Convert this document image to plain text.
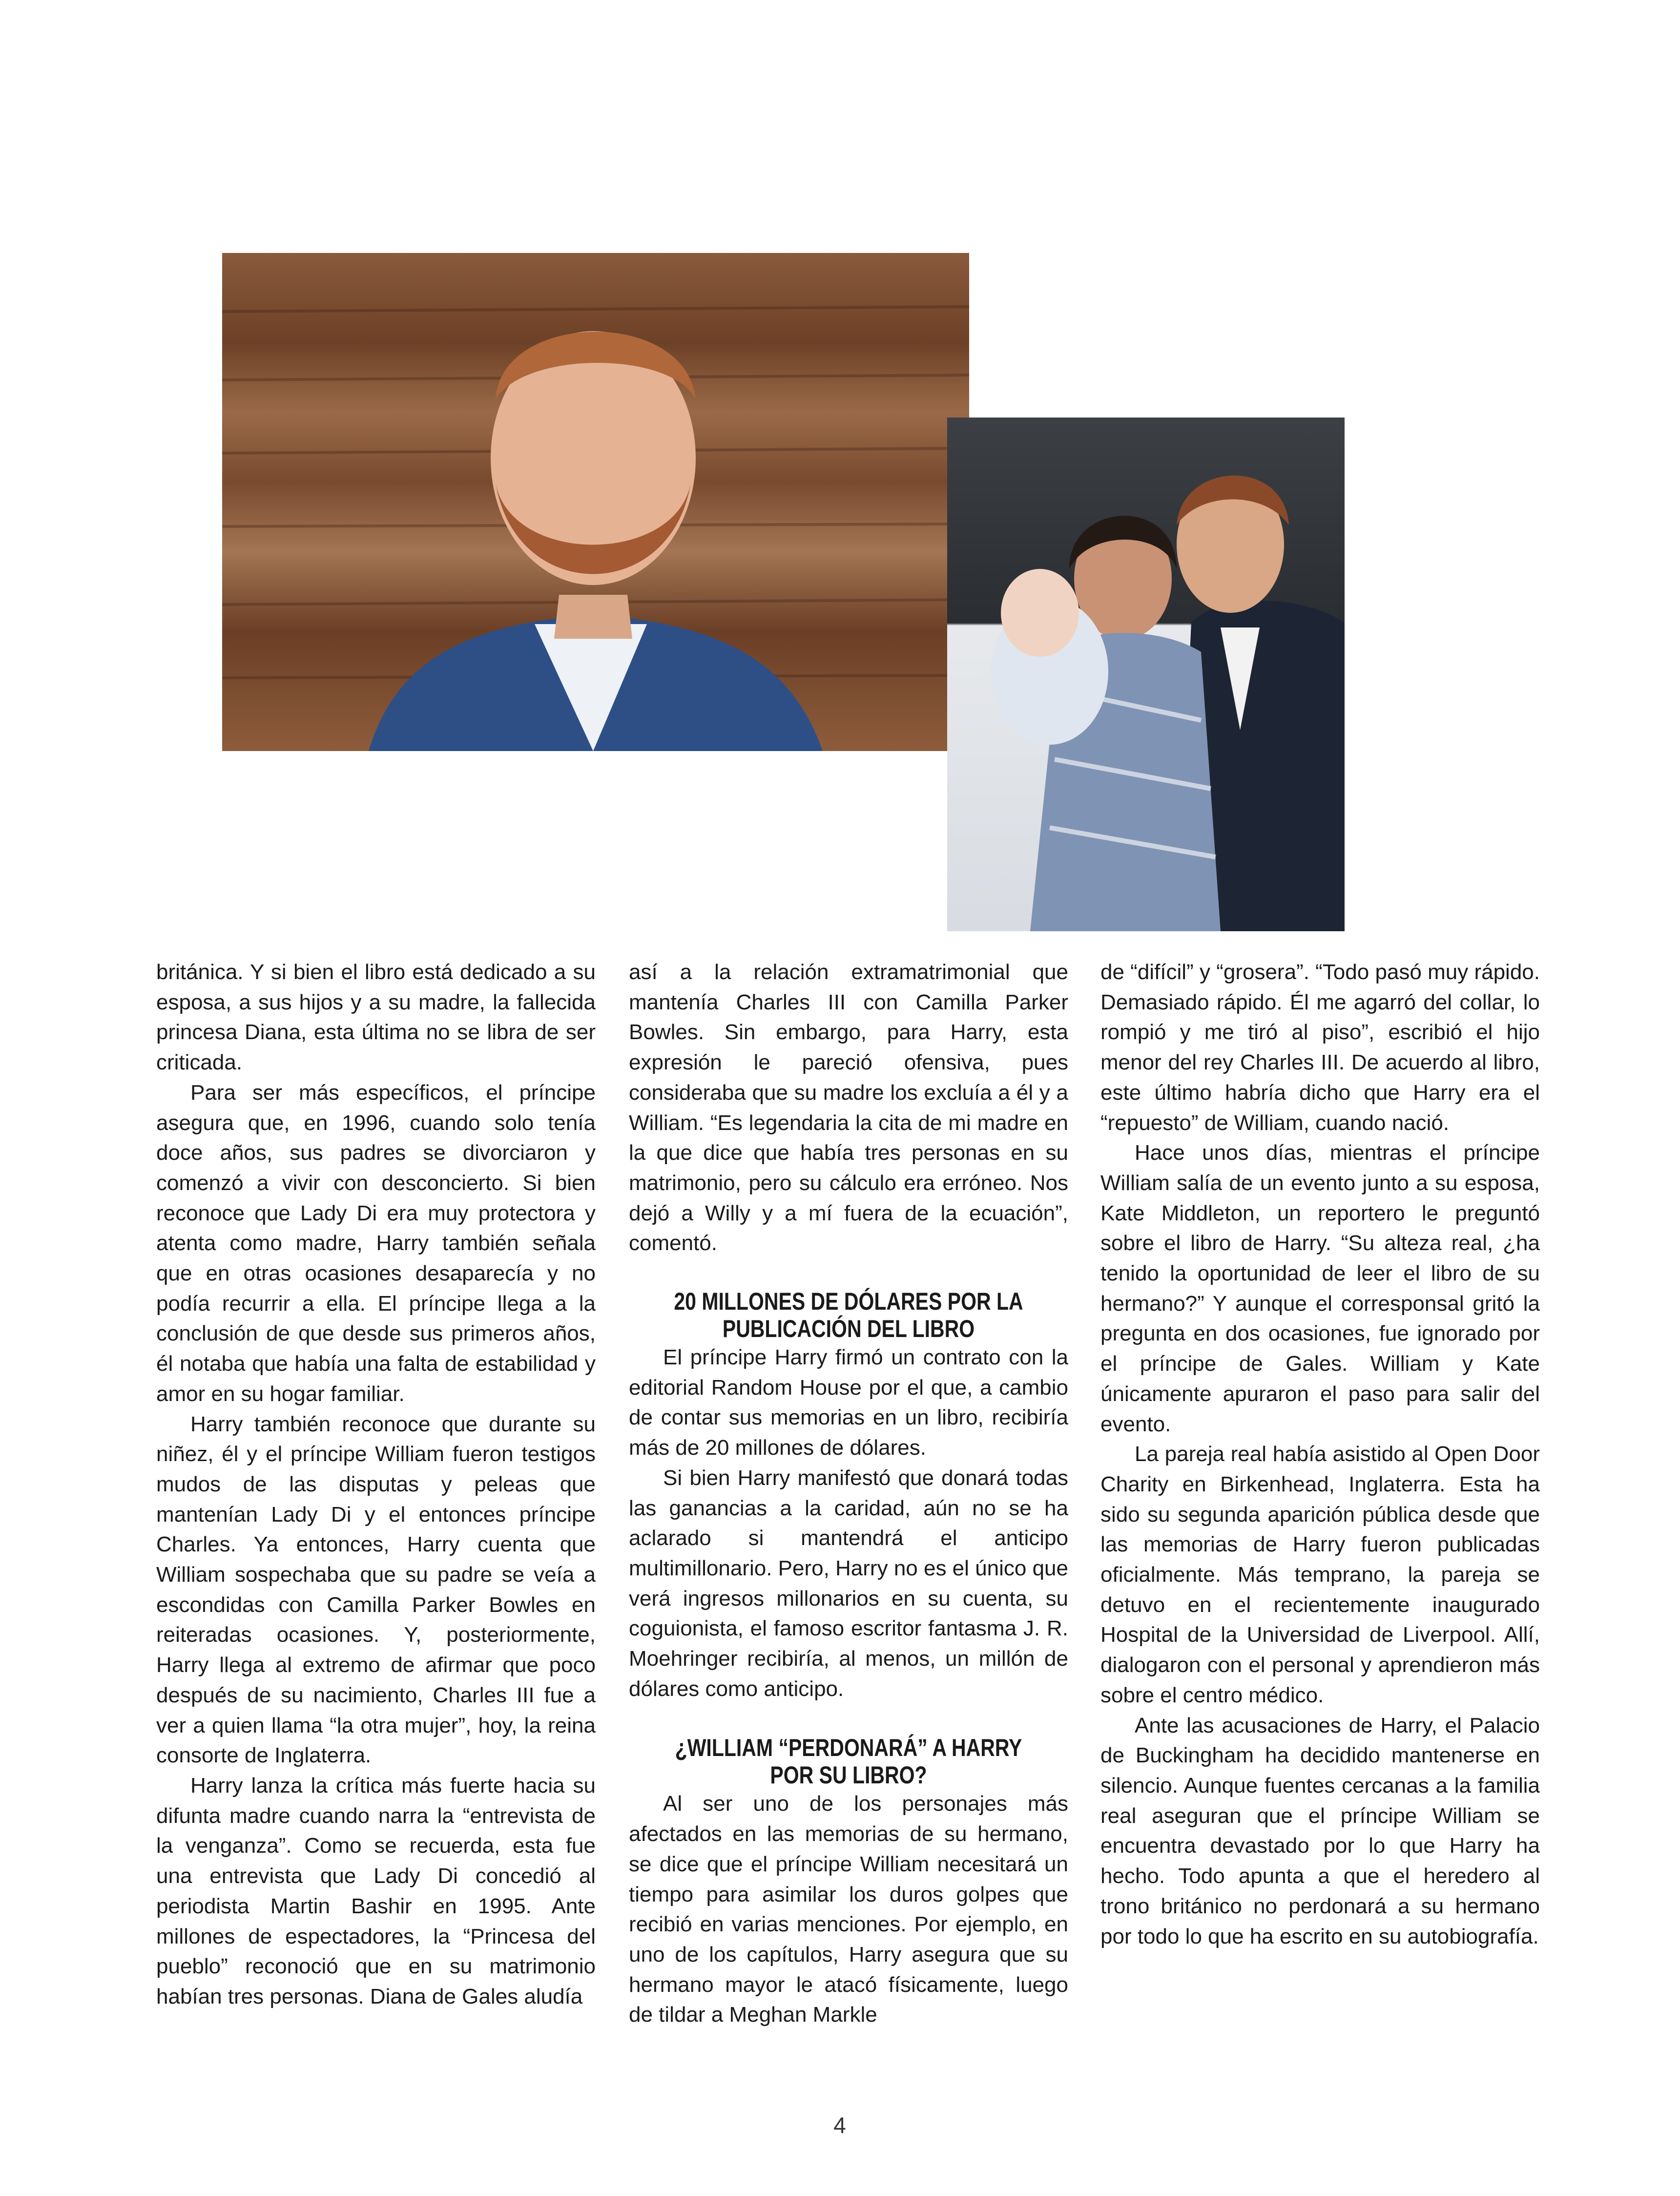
británica. Y si bien el libro está dedicado a su esposa, a sus hijos y a su madre, la fallecida princesa Diana, esta última no se libra de ser criticada.

Para ser más específicos, el príncipe asegura que, en 1996, cuando solo tenía doce años, sus padres se divorciaron y comenzó a vivir con desconcierto. Si bien reconoce que Lady Di era muy protectora y atenta como madre, Harry también señala que en otras ocasiones desaparecía y no podía recurrir a ella. El príncipe llega a la conclusión de que desde sus primeros años, él notaba que había una falta de estabilidad y amor en su hogar familiar.

Harry también reconoce que durante su niñez, él y el príncipe William fueron testigos mudos de las disputas y peleas que mantenían Lady Di y el entonces príncipe Charles. Ya entonces, Harry cuenta que William sospechaba que su padre se veía a escondidas con Camilla Parker Bowles en reiteradas ocasiones. Y, posteriormente, Harry llega al extremo de afirmar que poco después de su nacimiento, Charles III fue a ver a quien llama “la otra mujer”, hoy, la reina consorte de Inglaterra.

Harry lanza la crítica más fuerte hacia su difunta madre cuando narra la “entrevista de la venganza”. Como se recuerda, esta fue una entrevista que Lady Di concedió al periodista Martin Bashir en 1995. Ante millones de espectadores, la “Princesa del pueblo” reconoció que en su matrimonio habían tres personas. Diana de Gales aludía

así a la relación extramatrimonial que mantenía Charles III con Camilla Parker Bowles. Sin embargo, para Harry, esta expresión le pareció ofensiva, pues consideraba que su madre los excluía a él y a William. “Es legendaria la cita de mi madre en la que dice que había tres personas en su matrimonio, pero su cálculo era erróneo. Nos dejó a Willy y a mí fuera de la ecuación”, comentó.

20 MILLONES DE DÓLARES POR LA PUBLICACIÓN DEL LIBRO

El príncipe Harry firmó un contrato con la editorial Random House por el que, a cambio de contar sus memorias en un libro, recibiría más de 20 millones de dólares.

Si bien Harry manifestó que donará todas las ganancias a la caridad, aún no se ha aclarado si mantendrá el anticipo multimillonario. Pero, Harry no es el único que verá ingresos millonarios en su cuenta, su coguionista, el famoso escritor fantasma J. R. Moehringer recibiría, al menos, un millón de dólares como anticipo.

¿WILLIAM “PERDONARÁ” A HARRY POR SU LIBRO?

Al ser uno de los personajes más afectados en las memorias de su hermano, se dice que el príncipe William necesitará un tiempo para asimilar los duros golpes que recibió en varias menciones. Por ejemplo, en uno de los capítulos, Harry asegura que su hermano mayor le atacó físicamente, luego de tildar a Meghan Markle

de “difícil” y “grosera”. “Todo pasó muy rápido. Demasiado rápido. Él me agarró del collar, lo rompió y me tiró al piso”, escribió el hijo menor del rey Charles III. De acuerdo al libro, este último habría dicho que Harry era el “repuesto” de William, cuando nació.

Hace unos días, mientras el príncipe William salía de un evento junto a su esposa, Kate Middleton, un reportero le preguntó sobre el libro de Harry. “Su alteza real, ¿ha tenido la oportunidad de leer el libro de su hermano?” Y aunque el corresponsal gritó la pregunta en dos ocasiones, fue ignorado por el príncipe de Gales. William y Kate únicamente apuraron el paso para salir del evento.

La pareja real había asistido al Open Door Charity en Birkenhead, Inglaterra. Esta ha sido su segunda aparición pública desde que las memorias de Harry fueron publicadas oficialmente. Más temprano, la pareja se detuvo en el recientemente inaugurado Hospital de la Universidad de Liverpool. Allí, dialogaron con el personal y aprendieron más sobre el centro médico.

Ante las acusaciones de Harry, el Palacio de Buckingham ha decidido mantenerse en silencio. Aunque fuentes cercanas a la familia real aseguran que el príncipe William se encuentra devastado por lo que Harry ha hecho. Todo apunta a que el heredero al trono británico no perdonará a su hermano por todo lo que ha escrito en su autobiografía.

4
